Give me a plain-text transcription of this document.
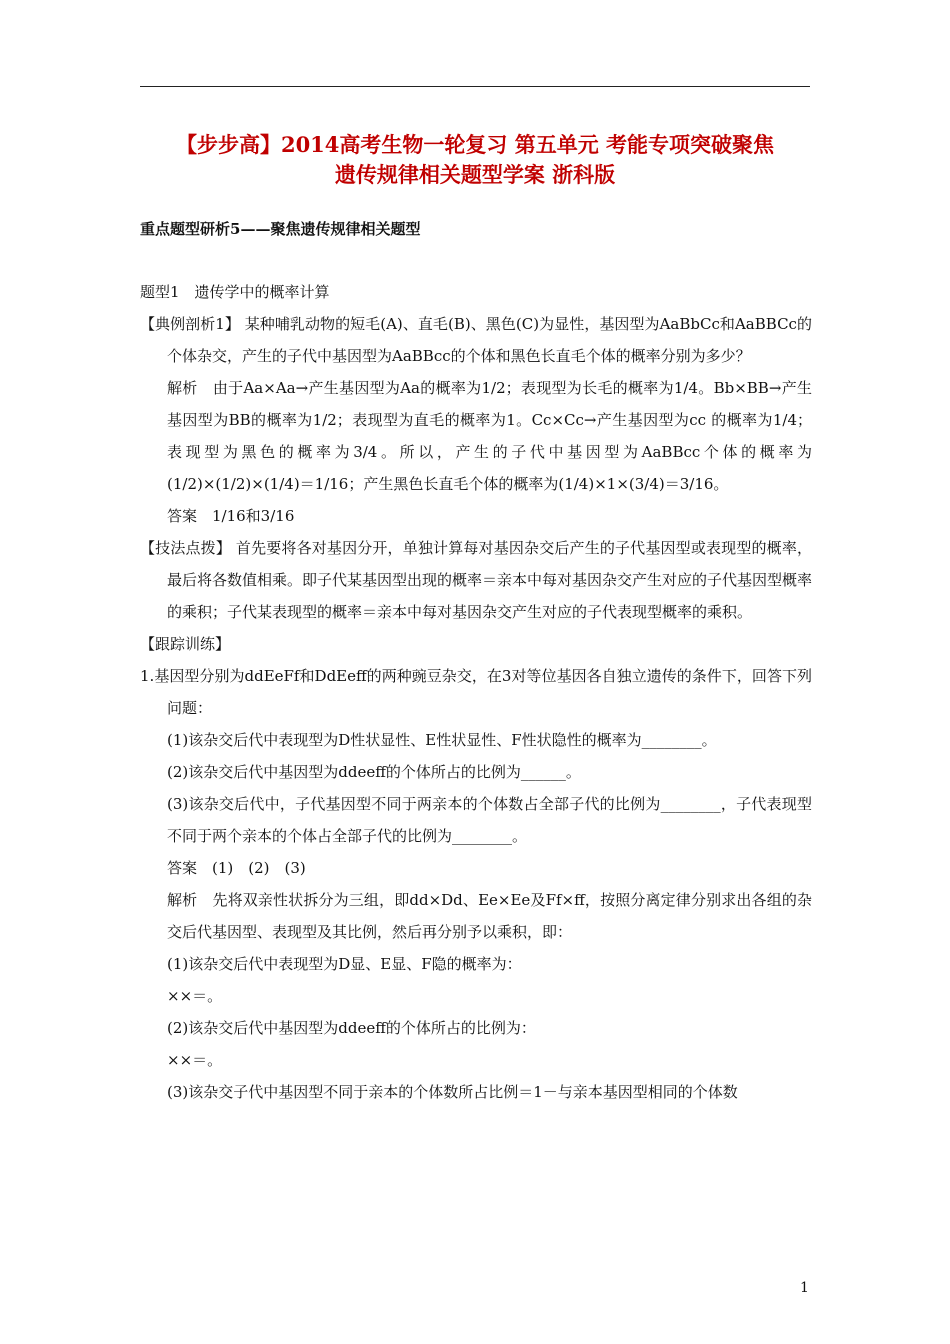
【步步高】2014高考生物一轮复习 第五单元 考能专项突破聚焦
遗传规律相关题型学案 浙科版
重点题型研析5——聚焦遗传规律相关题型

题型1　遗传学中的概率计算

【典例剖析1】 某种哺乳动物的短毛(A)、直毛(B)、黑色(C)为显性，基因型为AaBbCc和AaBBCc的个体杂交，产生的子代中基因型为AaBBcc的个体和黑色长直毛个体的概率分别为多少？

解析　由于Aa×Aa→产生基因型为Aa的概率为1/2；表现型为长毛的概率为1/4。Bb×BB→产生基因型为BB的概率为1/2；表现型为直毛的概率为1。Cc×Cc→产生基因型为cc 的概率为1/4；表现型为黑色的概率为3/4。所以，产生的子代中基因型为AaBBcc个体的概率为(1/2)×(1/2)×(1/4)＝1/16；产生黑色长直毛个体的概率为(1/4)×1×(3/4)＝3/16。

答案　1/16和3/16

【技法点拨】 首先要将各对基因分开，单独计算每对基因杂交后产生的子代基因型或表现型的概率，最后将各数值相乘。即子代某基因型出现的概率＝亲本中每对基因杂交产生对应的子代基因型概率的乘积；子代某表现型的概率＝亲本中每对基因杂交产生对应的子代表现型概率的乘积。

【跟踪训练】

1.基因型分别为ddEeFf和DdEeff的两种豌豆杂交，在3对等位基因各自独立遗传的条件下，回答下列问题：

(1)该杂交后代中表现型为D性状显性、E性状显性、F性状隐性的概率为________。

(2)该杂交后代中基因型为ddeeff的个体所占的比例为______。

(3)该杂交后代中，子代基因型不同于两亲本的个体数占全部子代的比例为________，子代表现型不同于两个亲本的个体占全部子代的比例为________。

答案　(1)　(2)　(3)

解析　先将双亲性状拆分为三组，即dd×Dd、Ee×Ee及Ff×ff，按照分离定律分别求出各组的杂交后代基因型、表现型及其比例，然后再分别予以乘积，即：

(1)该杂交后代中表现型为D显、E显、F隐的概率为：

××＝。

(2)该杂交后代中基因型为ddeeff的个体所占的比例为：

××＝。

(3)该杂交子代中基因型不同于亲本的个体数所占比例＝1－与亲本基因型相同的个体数

1
